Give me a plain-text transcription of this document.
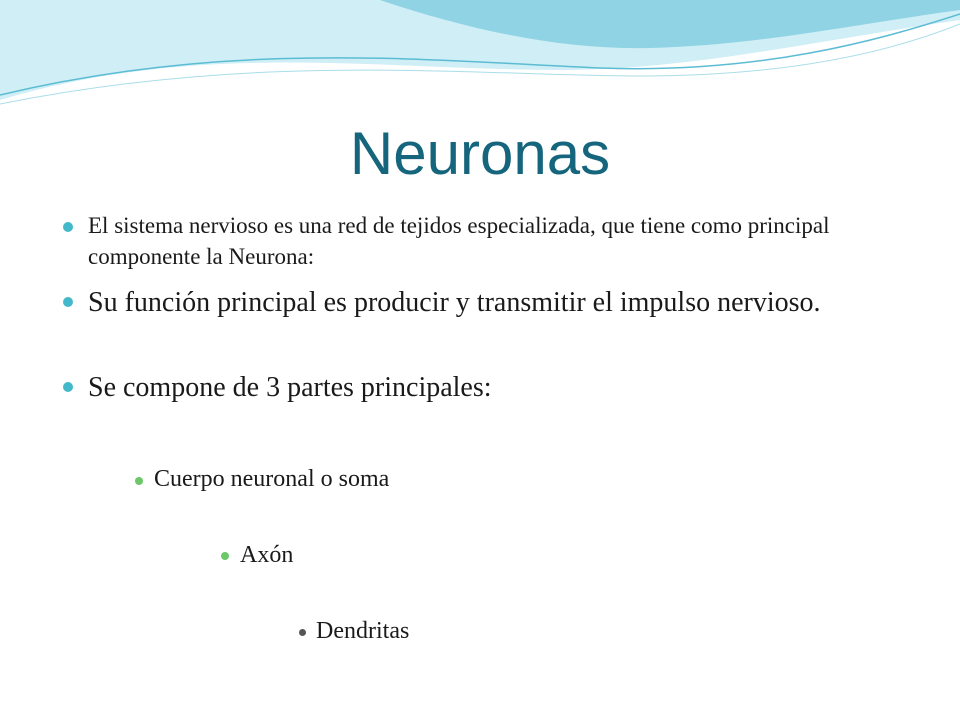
Neuronas
El sistema nervioso es una red de tejidos especializada, que tiene como principal componente la Neurona:
Su función principal es producir y transmitir el impulso nervioso.
Se compone de 3 partes principales:
Cuerpo neuronal o soma
Axón
Dendritas
